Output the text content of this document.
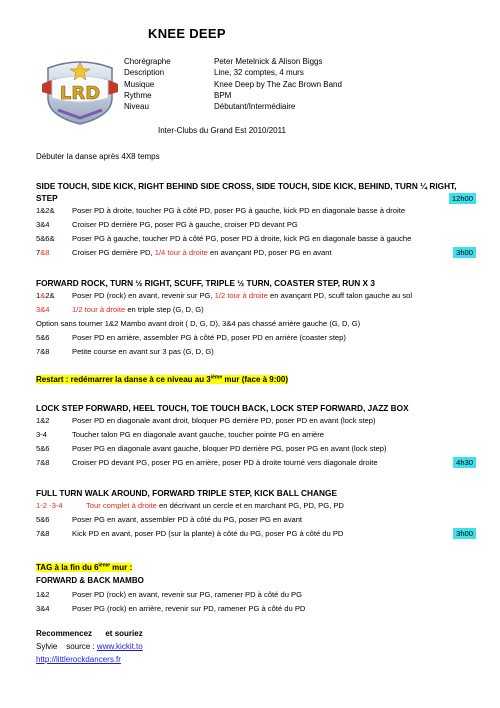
KNEE DEEP
LRD
Chorégraphe	Peter Metelnick & Alison Biggs
Description	Line, 32 comptes, 4 murs
Musique	Knee Deep by The Zac Brown Band
Rythme	BPM
Niveau	Débutant/Intermédiaire
Inter-Clubs du Grand Est 2010/2011
Débuter la danse après 4X8 temps
SIDE TOUCH, SIDE KICK, RIGHT BEHIND SIDE CROSS, SIDE TOUCH, SIDE KICK, BEHIND, TURN ¼ RIGHT,
STEP	12h00
1&2&	Poser PD à droite, toucher PG à côté PD, poser PG à gauche, kick PD en diagonale basse à droite
3&4	Croiser PD derrière PG, poser PG à gauche, croiser PD devant PG
5&6&	Poser PG à gauche, toucher PD à côté PG, poser PD à droite, kick PG en diagonale basse à gauche
7&8	Croiser PG derrière PD, 1/4 tour à droite en avançant PD, poser PG en avant	3h00
FORWARD ROCK, TURN ½ RIGHT, SCUFF, TRIPLE ½ TURN, COASTER STEP, RUN X 3
1&2&	Poser PD (rock) en avant, revenir sur PG, 1/2 tour à droite en avançant PD, scuff talon gauche au sol
3&4	1/2 tour à droite en triple step (G, D, G)
Option sans tourner 1&2 Mambo avant droit ( D, G, D), 3&4 pas chassé arrière gauche (G, D, G)
5&6	Poser PD en arrière, assembler PG à côté PD, poser PD en arrière (coaster step)
7&8	Petite course en avant sur 3 pas (G, D, G)
Restart : redémarrer la danse à ce niveau au 3ième mur (face à 9:00)
LOCK STEP FORWARD, HEEL TOUCH, TOE TOUCH BACK, LOCK STEP FORWARD, JAZZ BOX
1&2	Poser PD en diagonale avant droit, bloquer PG derrière PD, poser PD en avant (lock step)
3-4	Toucher talon PG en diagonale avant gauche, toucher pointe PG en arrière
5&6	Poser PG en diagonale avant gauche, bloquer PD derrière PG, poser PG en avant (lock step)
7&8	Croiser PD devant PG, poser PG en arrière, poser PD à droite tourné vers diagonale droite	4h30
FULL TURN WALK AROUND, FORWARD TRIPLE STEP, KICK BALL CHANGE
1-2 -3-4	Tour complet à droite en décrivant un cercle et en marchant PG, PD, PG, PD
5&6	Poser PG en avant, assembler PD à côté du PG, poser PG en avant
7&8	Kick PD en avant, poser PD (sur la plante) à côté du PG, poser PG à côté du PD	3h00
TAG à la fin du 6ième mur :
FORWARD & BACK MAMBO
1&2	Poser PD (rock) en avant, revenir sur PG, ramener PD à côté du PG
3&4	Poser PG (rock) en arrière, revenir sur PD, ramener PG à côté du PD
Recommencez      et souriez
Sylvie    source : www.kickit.to
http://littlerockdancers.fr
